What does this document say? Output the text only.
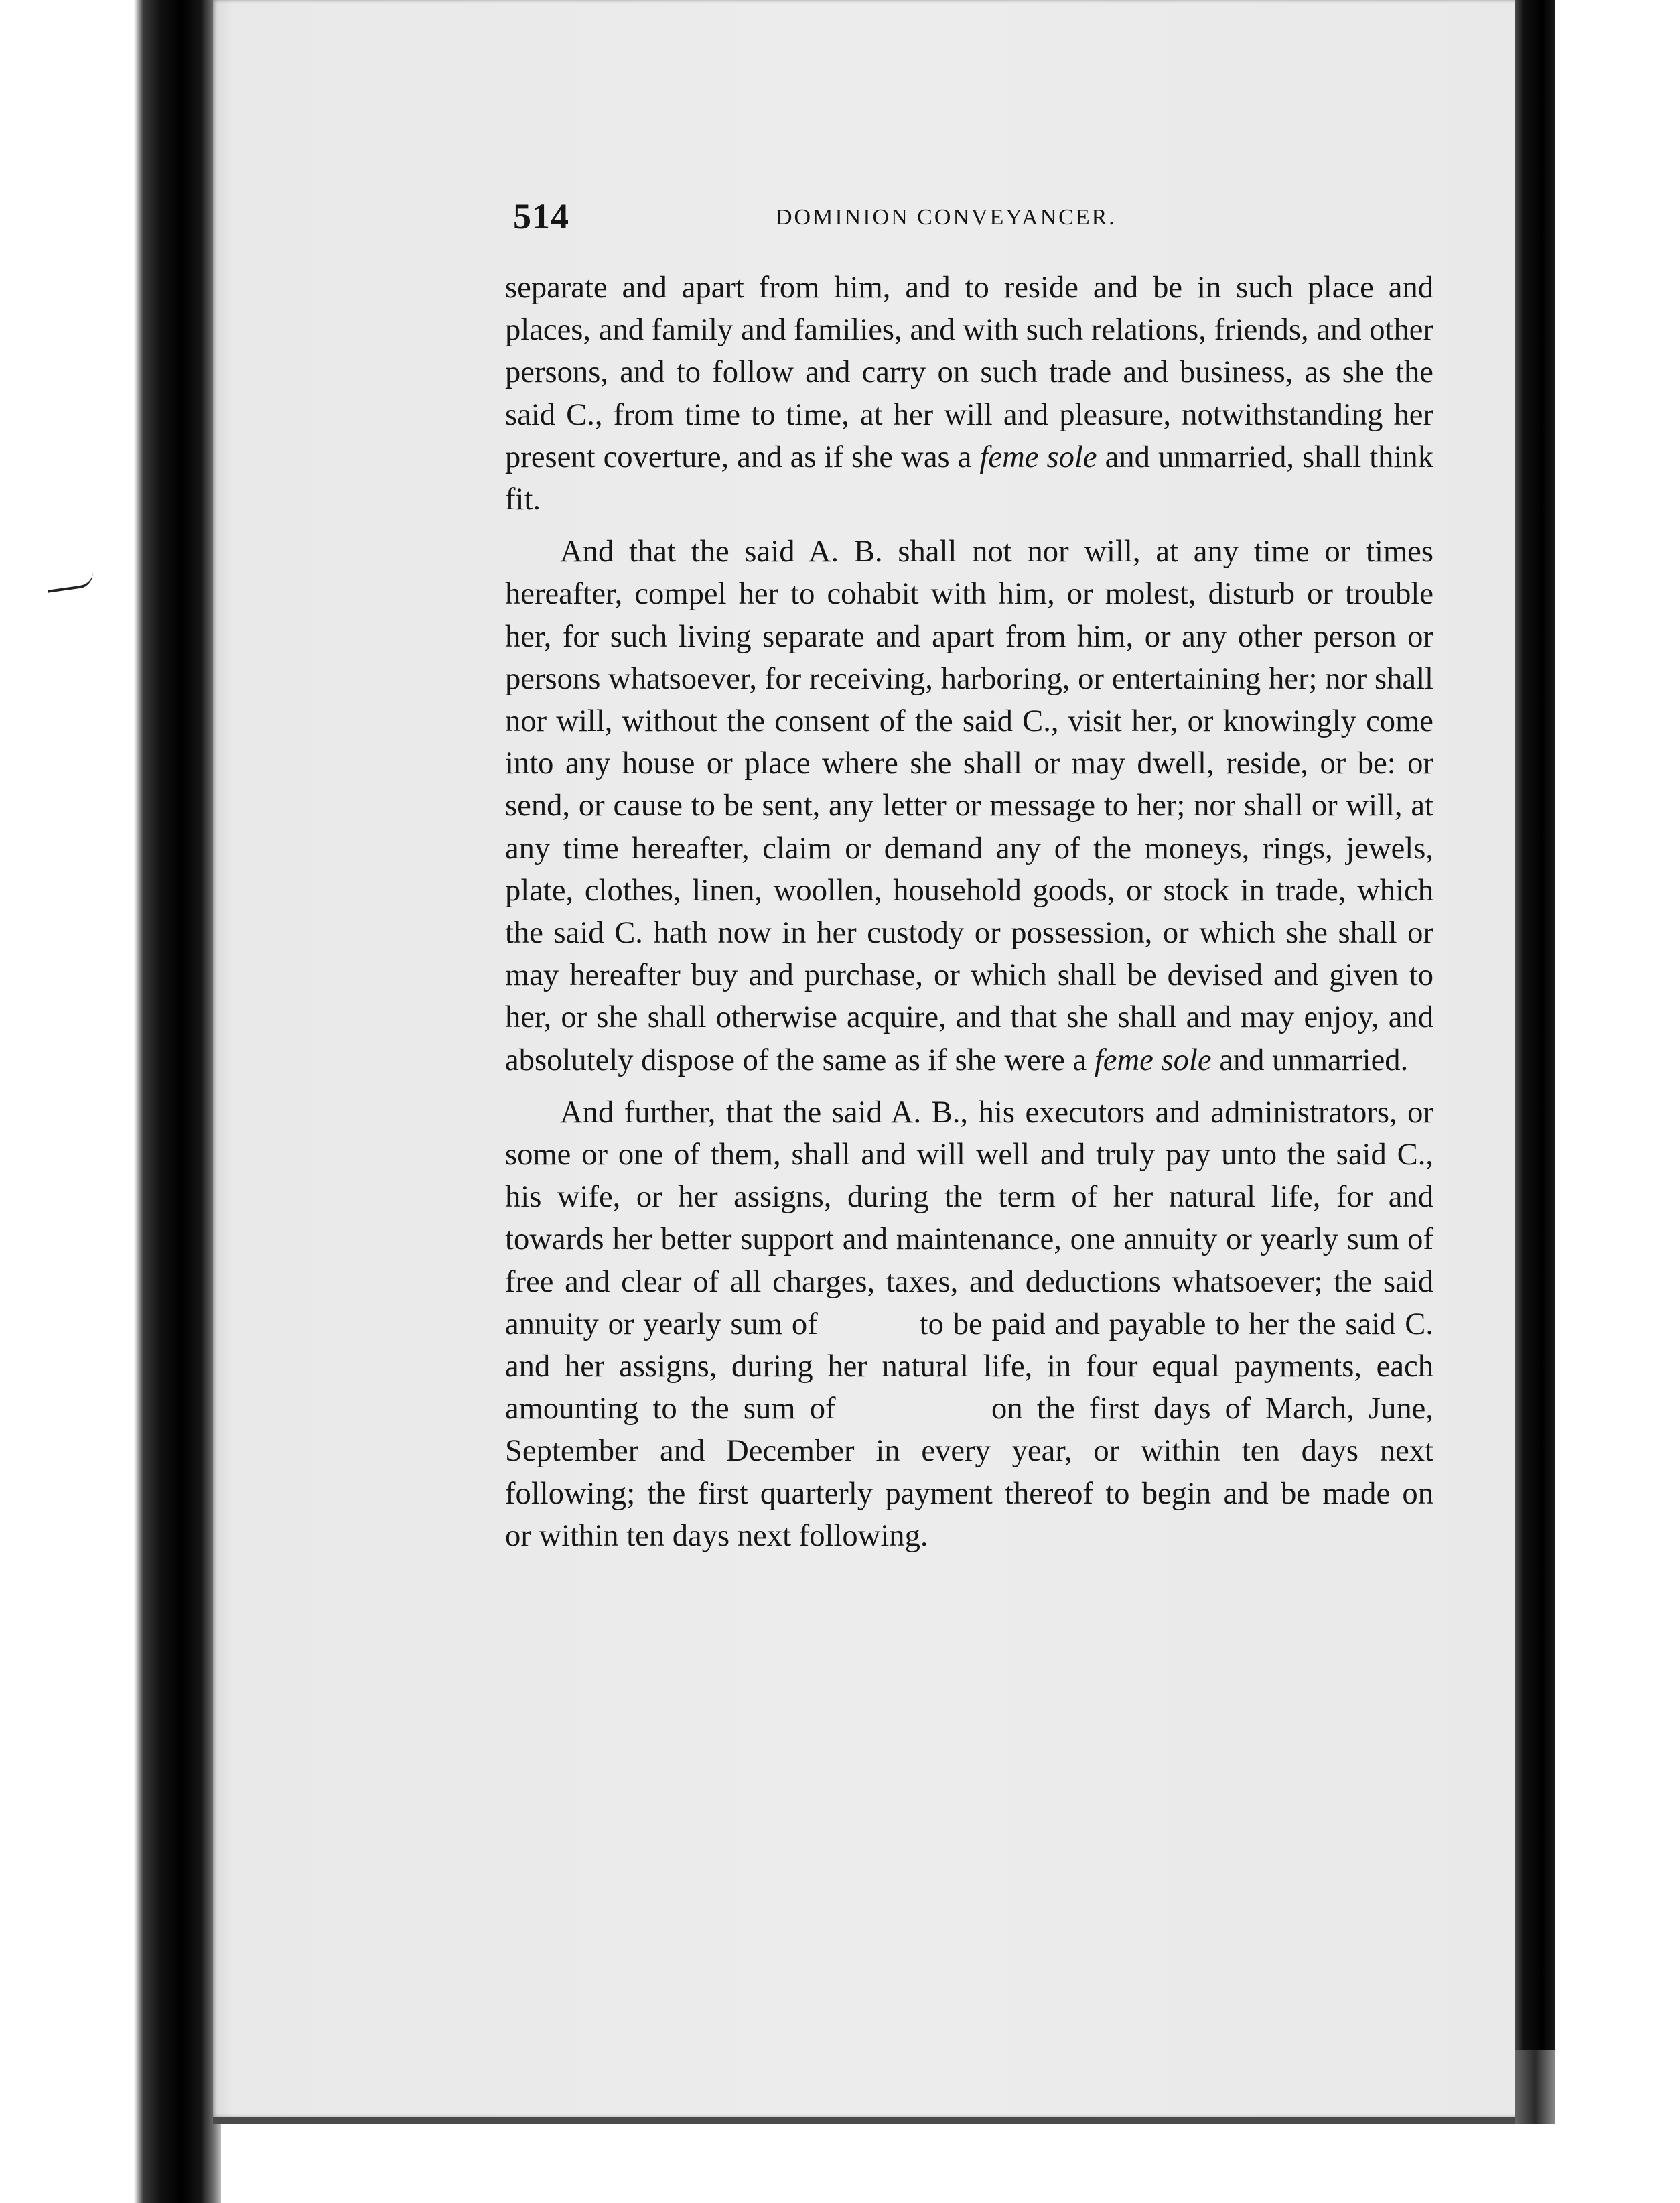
514	DOMINION CONVEYANCER.

separate and apart from him, and to reside and be in such place and places, and family and families, and with such relations, friends, and other persons, and to follow and carry on such trade and business, as she the said C., from time to time, at her will and pleasure, notwithstanding her present coverture, and as if she was a feme sole and unmarried, shall think fit.

And that the said A. B. shall not nor will, at any time or times hereafter, compel her to cohabit with him, or molest, disturb or trouble her, for such living separate and apart from him, or any other person or persons whatsoever, for receiving, harboring, or entertaining her; nor shall nor will, without the consent of the said C., visit her, or knowingly come into any house or place where she shall or may dwell, reside, or be: or send, or cause to be sent, any letter or message to her; nor shall or will, at any time hereafter, claim or demand any of the moneys, rings, jewels, plate, clothes, linen, woollen, household goods, or stock in trade, which the said C. hath now in her custody or possession, or which she shall or may hereafter buy and purchase, or which shall be devised and given to her, or she shall otherwise acquire, and that she shall and may enjoy, and absolutely dispose of the same as if she were a feme sole and unmarried.

And further, that the said A. B., his executors and administrators, or some or one of them, shall and will well and truly pay unto the said C., his wife, or her assigns, during the term of her natural life, for and towards her better support and maintenance, one annuity or yearly sum of           free and clear of all charges, taxes, and deductions whatsoever; the said annuity or yearly sum of           to be paid and payable to her the said C. and her assigns, during her natural life, in four equal payments, each amounting to the sum of           on the first days of March, June, September and December in every year, or within ten days next following; the first quarterly payment thereof to begin and be made on        or within ten days next following.
